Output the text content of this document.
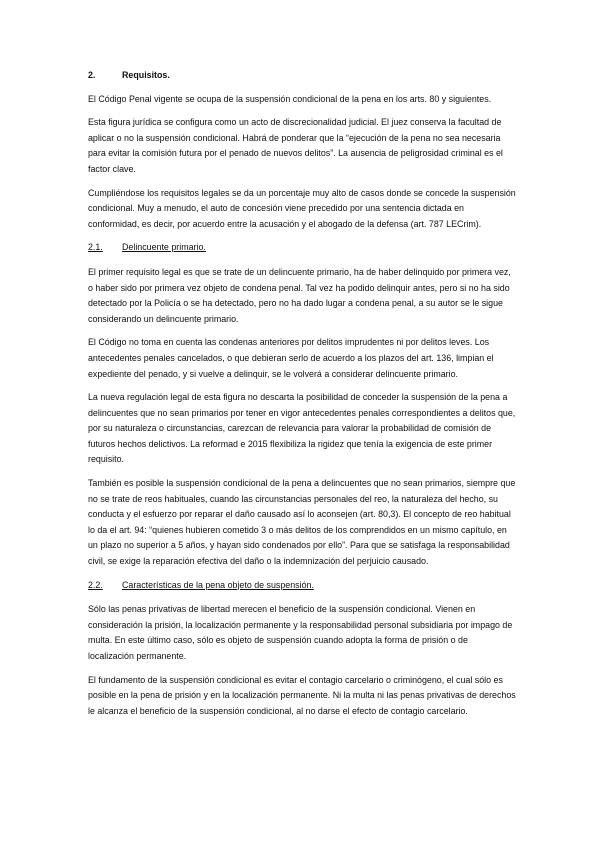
2.	Requisitos.

El Código Penal vigente se ocupa de la suspensión condicional de la pena en los arts. 80 y siguientes.

Esta figura jurídica se configura como un acto de discrecionalidad judicial. El juez conserva la facultad de aplicar o no la suspensión condicional. Habrá de ponderar que la “ejecución de la pena no sea necesaria para evitar la comisión futura por el penado de nuevos delitos”. La ausencia de peligrosidad criminal es el factor clave.

Cumpliéndose los requisitos legales se da un porcentaje muy alto de casos donde se concede la suspensión condicional. Muy a menudo, el auto de concesión viene precedido por una sentencia dictada en conformidad, es decir, por acuerdo entre la acusación y el abogado de la defensa (art. 787 LECrim).

2.1. Delincuente primario.

El primer requisito legal es que se trate de un delincuente primario, ha de haber delinquido por primera vez, o haber sido por primera vez objeto de condena penal. Tal vez ha podido delinquir antes, pero si no ha sido detectado por la Policía o se ha detectado, pero no ha dado lugar a condena penal, a su autor se le sigue considerando un delincuente primario.

El Código no toma en cuenta las condenas anteriores por delitos imprudentes ni por delitos leves. Los antecedentes penales cancelados, o que debieran serlo de acuerdo a los plazos del art. 136, limpian el expediente del penado, y si vuelve a delinquir, se le volverá a considerar delincuente primario.

La nueva regulación legal de esta figura no descarta la posibilidad de conceder la suspensión de la pena a delincuentes que no sean primarios por tener en vigor antecedentes penales correspondientes a delitos que, por su naturaleza o circunstancias, carezcan de relevancia para valorar la probabilidad de comisión de futuros hechos delictivos. La reformad e 2015 flexibiliza la rigidez que tenía la exigencia de este primer requisito.

También es posible la suspensión condicional de la pena a delincuentes que no sean primarios, siempre que no se trate de reos habituales, cuando las circunstancias personales del reo, la naturaleza del hecho, su conducta y el esfuerzo por reparar el daño causado así lo aconsejen (art. 80,3). El concepto de reo habitual lo da el art. 94: “quienes hubieren cometido 3 o más delitos de los comprendidos en un mismo capítulo, en un plazo no superior a 5 años, y hayan sido condenados por ello”. Para que se satisfaga la responsabilidad civil, se exige la reparación efectiva del daño o la indemnización del perjuicio causado.

2.2. Características de la pena objeto de suspensión.

Sólo las penas privativas de libertad merecen el beneficio de la suspensión condicional. Vienen en consideración la prisión, la localización permanente y la responsabilidad personal subsidiaria por impago de multa. En este último caso, sólo es objeto de suspensión cuando adopta la forma de prisión o de localización permanente.

El fundamento de la suspensión condicional es evitar el contagio carcelario o criminógeno, el cual sólo es posible en la pena de prisión y en la localización permanente. Ni la multa ni las penas privativas de derechos le alcanza el beneficio de la suspensión condicional, al no darse el efecto de contagio carcelario.
